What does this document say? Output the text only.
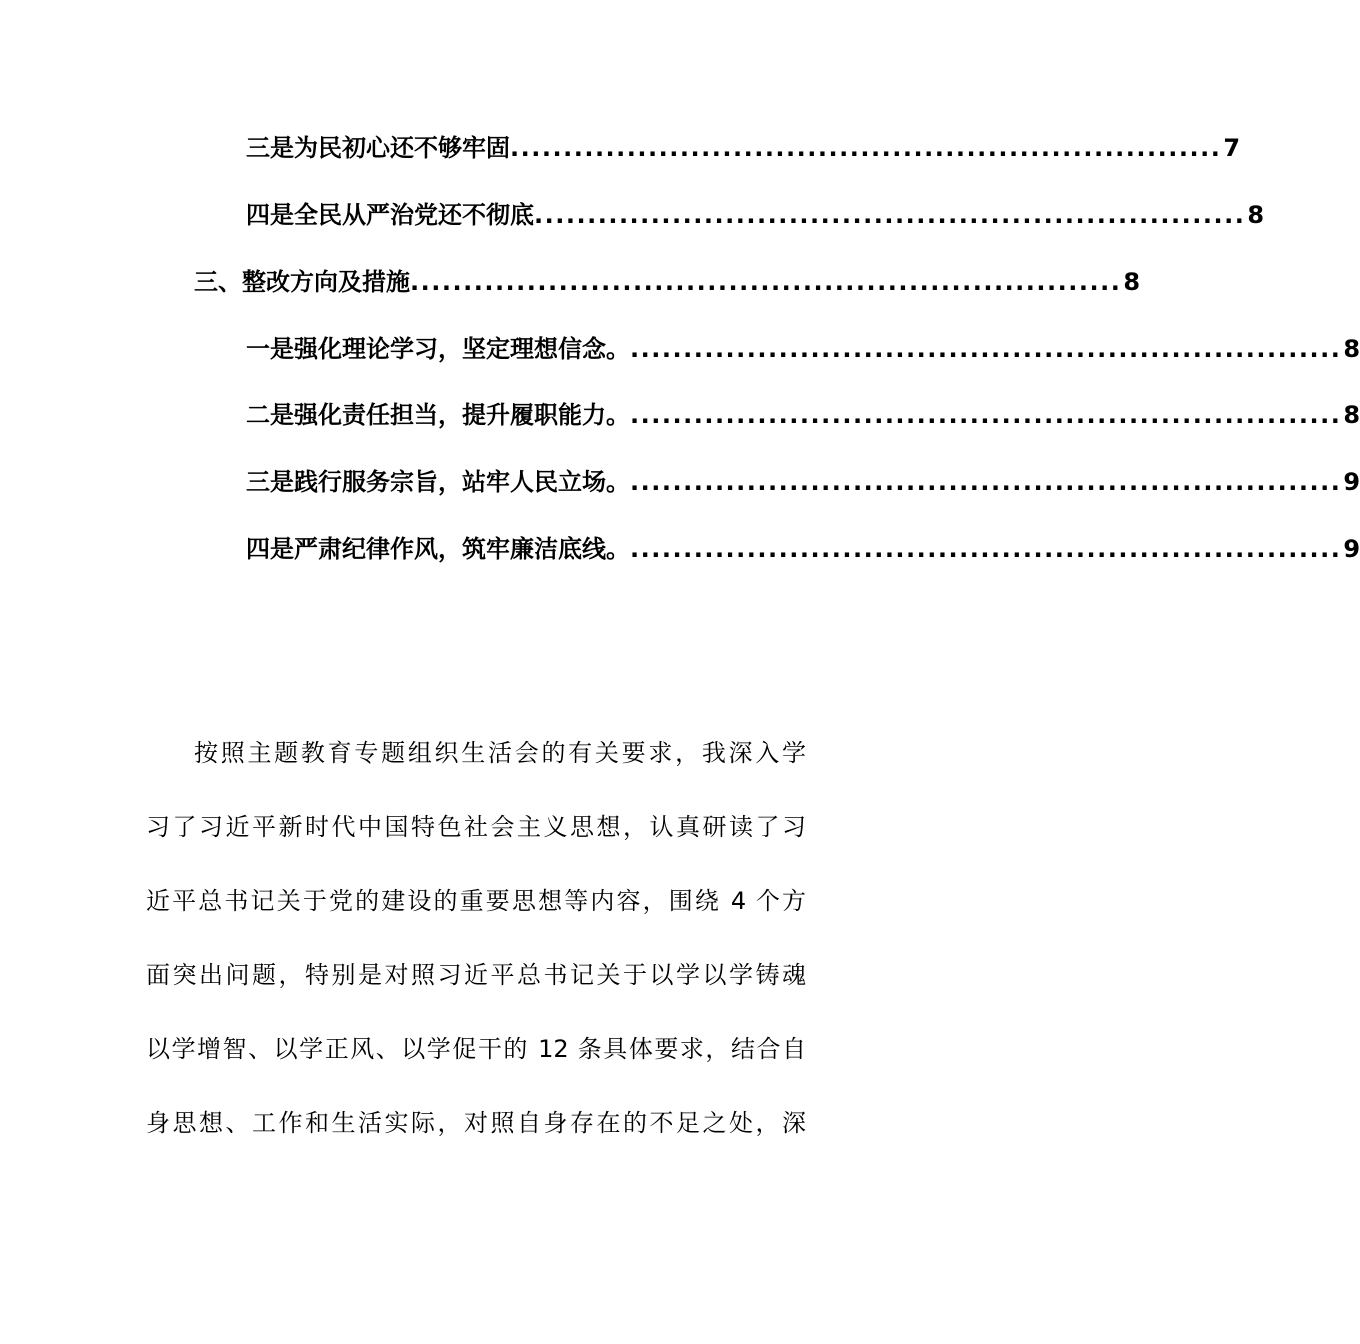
三是为民初心还不够牢固 ................................................................... 7
四是全民从严治党还不彻底 ................................................................... 8
三、整改方向及措施 ................................................................... 8
一是强化理论学习，坚定理想信念。 ................................................................... 8
二是强化责任担当，提升履职能力。 ................................................................... 8
三是践行服务宗旨，站牢人民立场。 ................................................................... 9
四是严肃纪律作风，筑牢廉洁底线。 ................................................................... 9
按照主题教育专题组织生活会的有关要求，我深入学
习了习近平新时代中国特色社会主义思想，认真研读了习
近平总书记关于党的建设的重要思想等内容，围绕 4 个方
面突出问题，特别是对照习近平总书记关于以学以学铸魂
以学增智、以学正风、以学促干的 12 条具体要求，结合自
身思想、工作和生活实际，对照自身存在的不足之处，深
